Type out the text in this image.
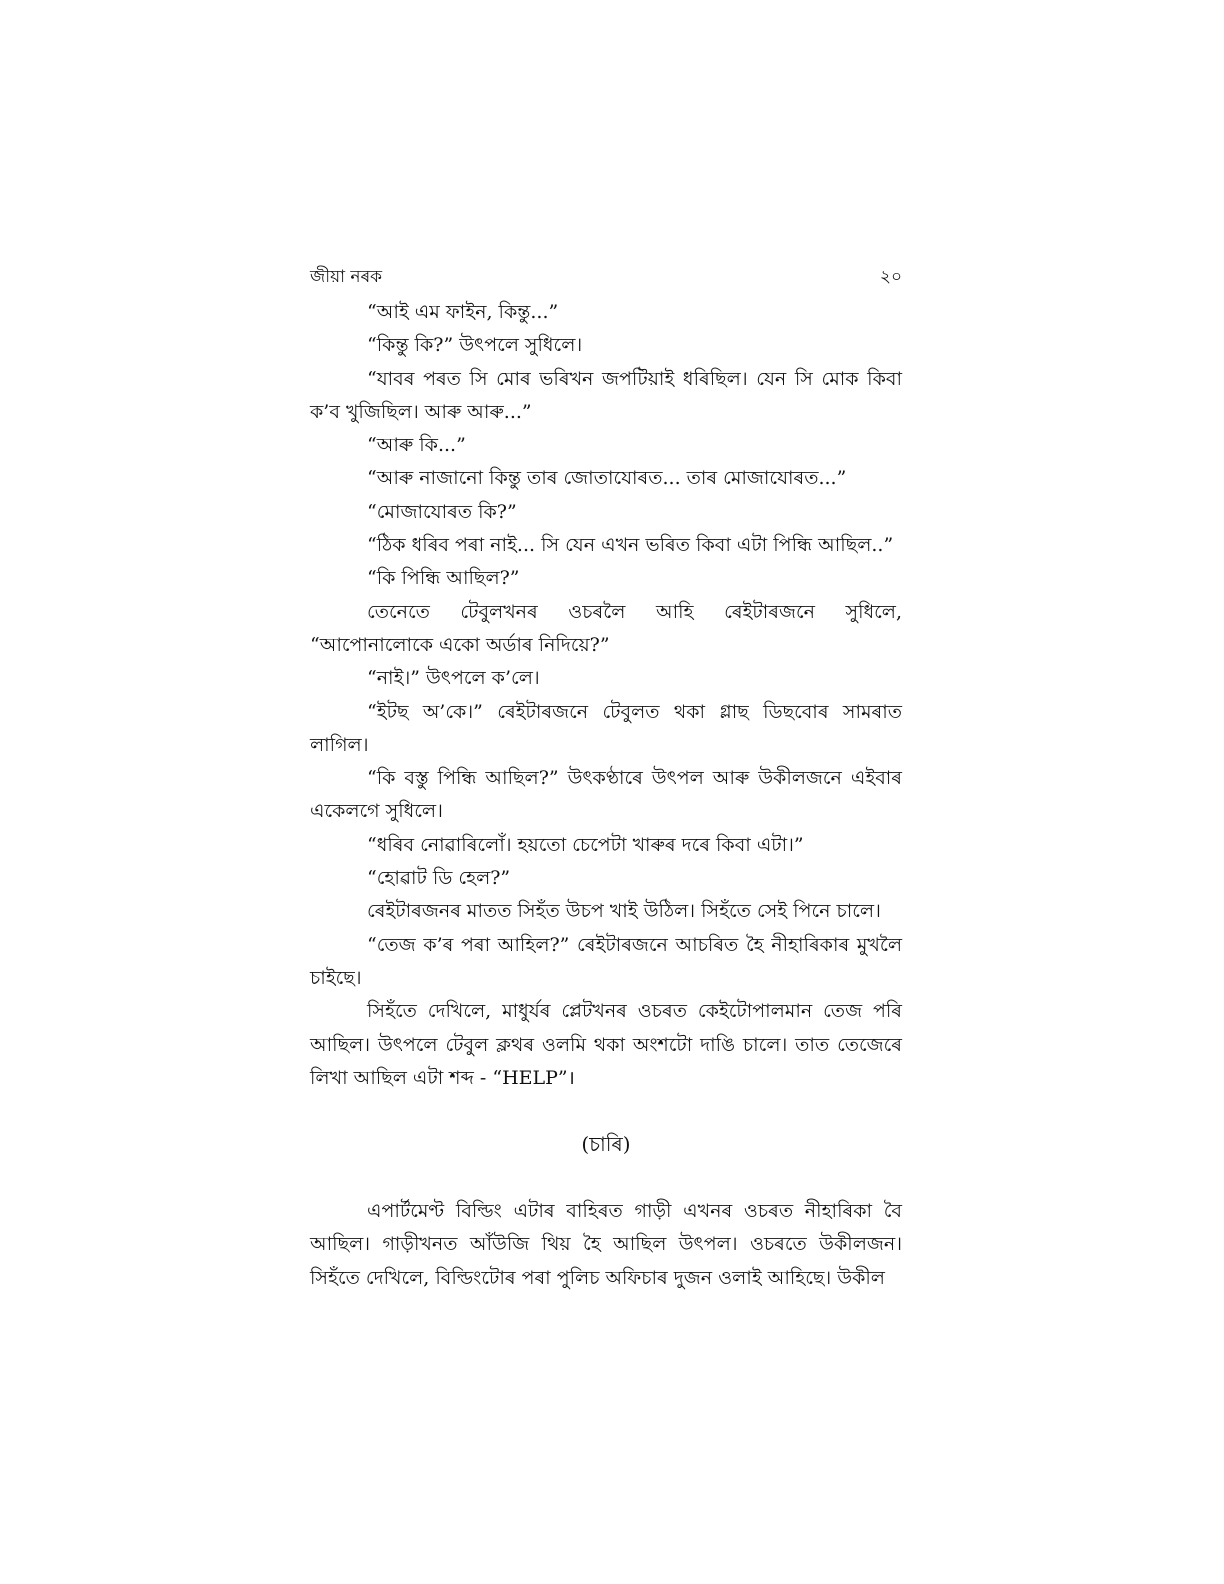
জীয়া নৰক	২০

“আই এম ফাইন, কিন্তু...”

“কিন্তু কি?” উৎপলে সুধিলে।

“যাবৰ পৰত সি মোৰ ভৰিখন জপটিয়াই ধৰিছিল। যেন সি মোক কিবা ক’ব খুজিছিল। আৰু আৰু...”

“আৰু কি...”

“আৰু নাজানো কিন্তু তাৰ জোতাযোৰত... তাৰ মোজাযোৰত...”

“মোজাযোৰত কি?”

“ঠিক ধৰিব পৰা নাই... সি যেন এখন ভৰিত কিবা এটা পিন্ধি আছিল..”

“কি পিন্ধি আছিল?”

তেনেতে টেবুলখনৰ ওচৰলৈ আহি ৰেইটাৰজনে সুধিলে, “আপোনালোকে একো অৰ্ডাৰ নিদিয়ে?”

“নাই।” উৎপলে ক’লে।

“ইটছ অ’কে।” ৰেইটাৰজনে টেবুলত থকা গ্লাছ ডিছবোৰ সামৰাত লাগিল।

“কি বস্তু পিন্ধি আছিল?” উৎকণ্ঠাৰে উৎপল আৰু উকীলজনে এইবাৰ একেলগে সুধিলে।

“ধৰিব নোৱাৰিলোঁ। হয়তো চেপেটা খাৰুৰ দৰে কিবা এটা।”

“হোৱাট ডি হেল?”

ৰেইটাৰজনৰ মাতত সিহঁত উচপ খাই উঠিল। সিহঁতে সেই পিনে চালে।

“তেজ ক’ৰ পৰা আহিল?” ৰেইটাৰজনে আচৰিত হৈ নীহাৰিকাৰ মুখলৈ চাইছে।

সিহঁতে দেখিলে, মাধুৰ্যৰ প্লেটখনৰ ওচৰত কেইটোপালমান তেজ পৰি আছিল। উৎপলে টেবুল ক্লথৰ ওলমি থকা অংশটো দাঙি চালে। তাত তেজেৰে লিখা আছিল এটা শব্দ - “HELP”।

(চাৰি)

এপাৰ্টমেণ্ট বিল্ডিং এটাৰ বাহিৰত গাড়ী এখনৰ ওচৰত নীহাৰিকা বৈ আছিল। গাড়ীখনত আঁউজি থিয় হৈ আছিল উৎপল। ওচৰতে উকীলজন। সিহঁতে দেখিলে, বিল্ডিংটোৰ পৰা পুলিচ অফিচাৰ দুজন ওলাই আহিছে। উকীল
